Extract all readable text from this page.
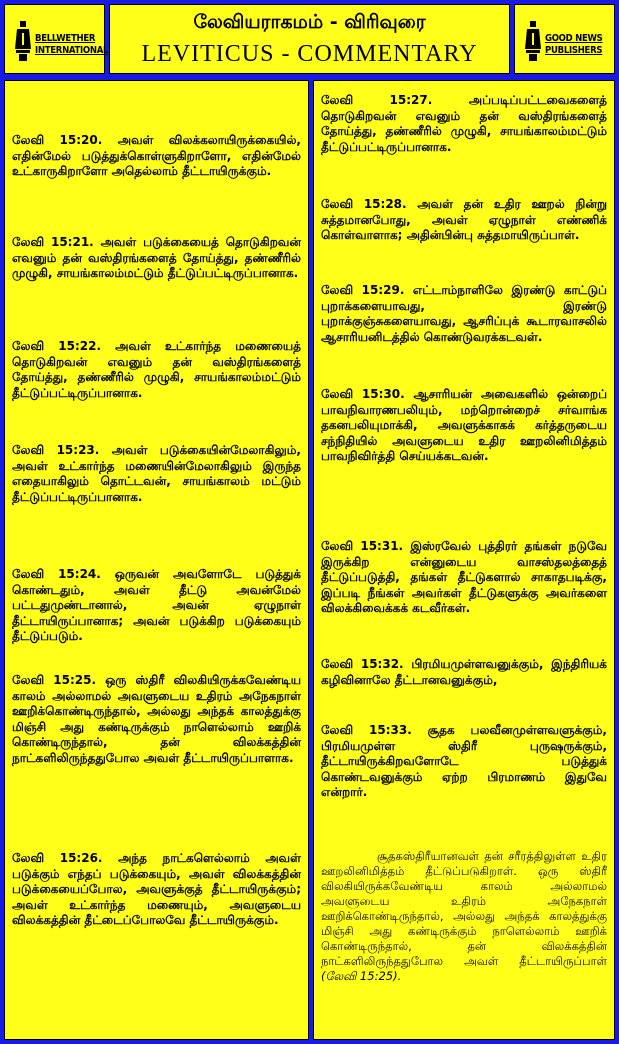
BELLWETHER
INTERNATIONAL
லேவியராகமம் - விரிவுரை
LEVITICUS - COMMENTARY
GOOD NEWS
PUBLISHERS

லேவி 15:20. அவள் விலக்கலாயிருக்கையில், எதின்மேல் படுத்துக்கொள்ளுகிறாளோ, எதின்மேல் உட்காருகிறாளோ அதெல்லாம் தீட்டாயிருக்கும்.

லேவி 15:21. அவள் படுக்கையைத் தொடுகிறவன் எவனும் தன் வஸ்திரங்களைத் தோய்த்து, தண்ணீரில் முழுகி, சாயங்காலம்மட்டும் தீட்டுப்பட்டிருப்பானாக.

லேவி 15:22. அவள் உட்கார்ந்த மணையைத் தொடுகிறவன் எவனும் தன் வஸ்திரங்களைத் தோய்த்து, தண்ணீரில் முழுகி, சாயங்காலம்மட்டும் தீட்டுப்பட்டிருப்பானாக.

லேவி 15:23. அவள் படுக்கையின்மேலாகிலும், அவள் உட்கார்ந்த மணையின்மேலாகிலும் இருந்த எதையாகிலும் தொட்டவன், சாயங்காலம் மட்டும் தீட்டுப்பட்டிருப்பானாக.

லேவி 15:24. ஒருவன் அவளோடே படுத்துக் கொண்டதும், அவள் தீட்டு அவன்மேல் பட்டதுமுண்டானால், அவன் ஏழுநாள் தீட்டாயிருப்பானாக; அவன் படுக்கிற படுக்கையும் தீட்டுப்படும்.

லேவி 15:25. ஒரு ஸ்திரீ விலகியிருக்கவேண்டிய காலம் அல்லாமல் அவளுடைய உதிரம் அநேகநாள் ஊறிக்கொண்டிருந்தால், அல்லது அந்தக் காலத்துக்கு மிஞ்சி அது கண்டிருக்கும் நாளெல்லாம் ஊறிக் கொண்டிருந்தால், தன் விலக்கத்தின் நாட்களிலிருந்ததுபோல அவள் தீட்டாயிருப்பாளாக.

லேவி 15:26. அந்த நாட்களெல்லாம் அவள் படுக்கும் எந்தப் படுக்கையும், அவள் விலக்கத்தின் படுக்கையைப்போல, அவளுக்குத் தீட்டாயிருக்கும்; அவள் உட்கார்ந்த மணையும், அவளுடைய விலக்கத்தின் தீட்டைப்போலவே தீட்டாயிருக்கும்.

லேவி 15:27.	அப்படிப்பட்டவைகளைத் தொடுகிறவன் எவனும் தன் வஸ்திரங்களைத் தோய்த்து, தண்ணீரில் முழுகி, சாயங்காலம்மட்டும் தீட்டுப்பட்டிருப்பானாக.

லேவி 15:28. அவள் தன் உதிர ஊறல் நின்று சுத்தமானபோது, அவள் ஏழுநாள் எண்ணிக் கொள்வாளாக; அதின்பின்பு சுத்தமாயிருப்பாள்.

லேவி 15:29. எட்டாம்நாளிலே இரண்டு காட்டுப் புறாக்களையாவது, இரண்டு புறாக்குஞ்சுகளையாவது, ஆசரிப்புக் கூடாரவாசலில் ஆசாரியனிடத்தில் கொண்டுவரக்கடவள்.

லேவி 15:30. ஆசாரியன் அவைகளில் ஒன்றைப் பாவநிவாரணபலியும், மற்றொன்றைச் சர்வாங்க தகனபலியுமாக்கி, அவளுக்காகக் கர்த்தருடைய சந்நிதியில் அவளுடைய உதிர ஊறலினிமித்தம் பாவநிவிர்த்தி செய்யக்கடவன்.

லேவி 15:31. இஸ்ரவேல் புத்திரர் தங்கள் நடுவே இருக்கிற என்னுடைய வாசஸ்தலத்தைத் தீட்டுப்படுத்தி, தங்கள் தீட்டுகளால் சாகாதபடிக்கு, இப்படி நீங்கள் அவர்கள் தீட்டுகளுக்கு அவர்களை விலக்கிவைக்கக் கடவீர்கள்.

லேவி 15:32. பிரமியமுள்ளவனுக்கும், இந்திரியக் கழிவினாலே தீட்டானவனுக்கும்,

லேவி 15:33. சூதக பலவீனமுள்ளவளுக்கும், பிரமியமுள்ள ஸ்திரீ புருஷருக்கும், தீட்டாயிருக்கிறவளோடே படுத்துக் கொண்டவனுக்கும் ஏற்ற பிரமாணம் இதுவே என்றார்.

சூதகஸ்திரீயானவள் தன் சரீரத்திலுள்ள உதிர ஊறலினிமித்தம் தீட்டுப்படுகிறாள். ஒரு ஸ்திரீ விலகியிருக்கவேண்டிய காலம் அல்லாமல் அவளுடைய உதிரம் அநேகநாள் ஊறிக்கொண்டிருந்தால், அல்லது அந்தக் காலத்துக்கு மிஞ்சி அது கண்டிருக்கும் நாளெல்லாம் ஊறிக் கொண்டிருந்தால், தன் விலக்கத்தின் நாட்களிலிருந்ததுபோல அவள் தீட்டாயிருப்பாள் (லேவி 15:25).
